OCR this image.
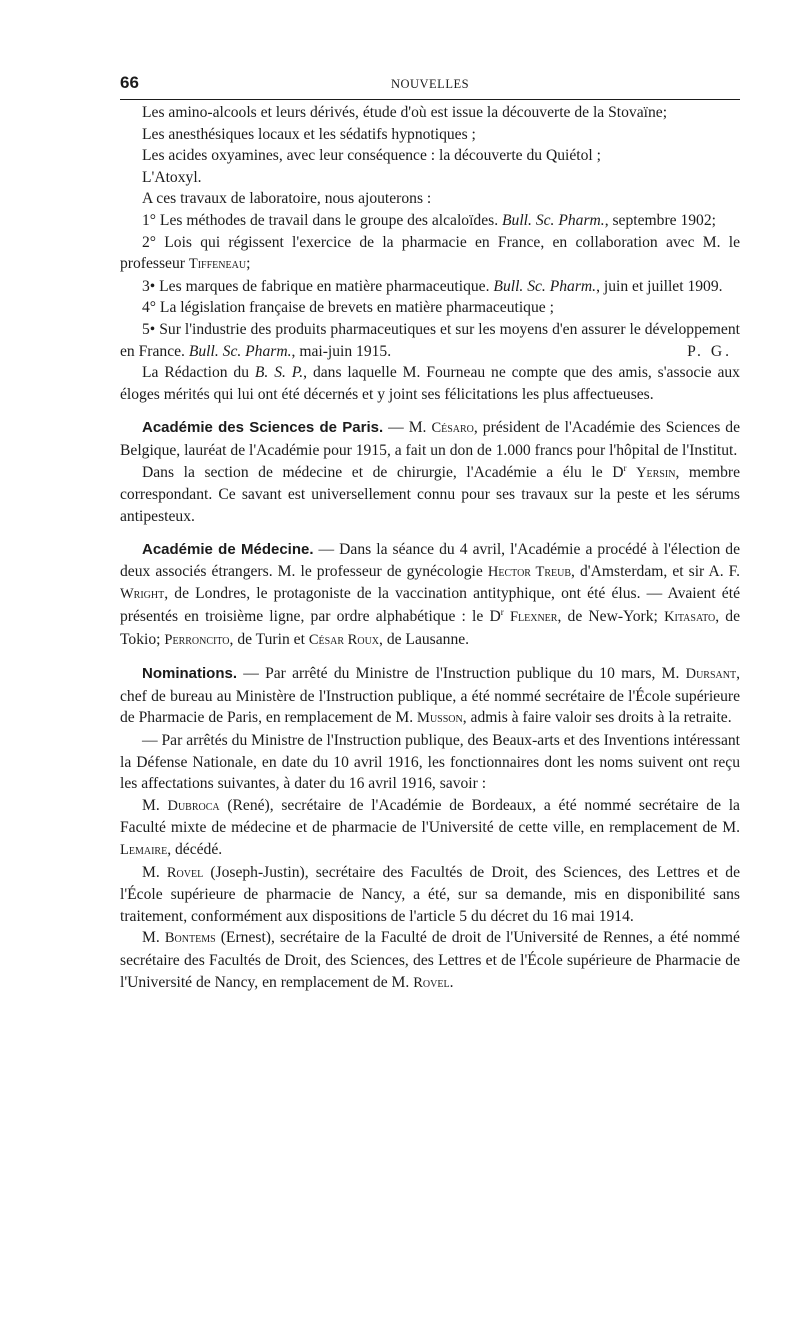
66	NOUVELLES

Les amino-alcools et leurs dérivés, étude d'où est issue la découverte de la Stovaïne;

Les anesthésiques locaux et les sédatifs hypnotiques ;

Les acides oxyamines, avec leur conséquence : la découverte du Quiétol ;

L'Atoxyl.

A ces travaux de laboratoire, nous ajouterons :

1° Les méthodes de travail dans le groupe des alcaloïdes. Bull. Sc. Pharm., septembre 1902;

2° Lois qui régissent l'exercice de la pharmacie en France, en collaboration avec M. le professeur Tiffeneau;

3• Les marques de fabrique en matière pharmaceutique. Bull. Sc. Pharm., juin et juillet 1909.

4° La législation française de brevets en matière pharmaceutique ;

5• Sur l'industrie des produits pharmaceutiques et sur les moyens d'en assurer le développement en France. Bull. Sc. Pharm., mai-juin 1915.	P. G.

La Rédaction du B. S. P., dans laquelle M. Fourneau ne compte que des amis, s'associe aux éloges mérités qui lui ont été décernés et y joint ses félicitations les plus affectueuses.

Académie des Sciences de Paris. — M. Césaro, président de l'Académie des Sciences de Belgique, lauréat de l'Académie pour 1915, a fait un don de 1.000 francs pour l'hôpital de l'Institut.

Dans la section de médecine et de chirurgie, l'Académie a élu le $D^r$ Yersin, membre correspondant. Ce savant est universellement connu pour ses travaux sur la peste et les sérums antipesteux.

Académie de Médecine. — Dans la séance du 4 avril, l'Académie a procédé à l'élection de deux associés étrangers. M. le professeur de gynécologie Hector Treub, d'Amsterdam, et sir A. F. Wright, de Londres, le protagoniste de la vaccination antityphique, ont été élus. — Avaient été présentés en troisième ligne, par ordre alphabétique : le $D^r$ Flexner, de New-York; Kitasato, de Tokio; Perroncito, de Turin et César Roux, de Lausanne.

Nominations. — Par arrêté du Ministre de l'Instruction publique du 10 mars, M. Dursant, chef de bureau au Ministère de l'Instruction publique, a été nommé secrétaire de l'École supérieure de Pharmacie de Paris, en remplacement de M. Musson, admis à faire valoir ses droits à la retraite.

— Par arrêtés du Ministre de l'Instruction publique, des Beaux-arts et des Inventions intéressant la Défense Nationale, en date du 10 avril 1916, les fonctionnaires dont les noms suivent ont reçu les affectations suivantes, à dater du 16 avril 1916, savoir :

M. Dubroca (René), secrétaire de l'Académie de Bordeaux, a été nommé secrétaire de la Faculté mixte de médecine et de pharmacie de l'Université de cette ville, en remplacement de M. Lemaire, décédé.

M. Rovel (Joseph-Justin), secrétaire des Facultés de Droit, des Sciences, des Lettres et de l'École supérieure de pharmacie de Nancy, a été, sur sa demande, mis en disponibilité sans traitement, conformément aux dispositions de l'article 5 du décret du 16 mai 1914.

M. Bontems (Ernest), secrétaire de la Faculté de droit de l'Université de Rennes, a été nommé secrétaire des Facultés de Droit, des Sciences, des Lettres et de l'École supérieure de Pharmacie de l'Université de Nancy, en remplacement de M. Rovel.
